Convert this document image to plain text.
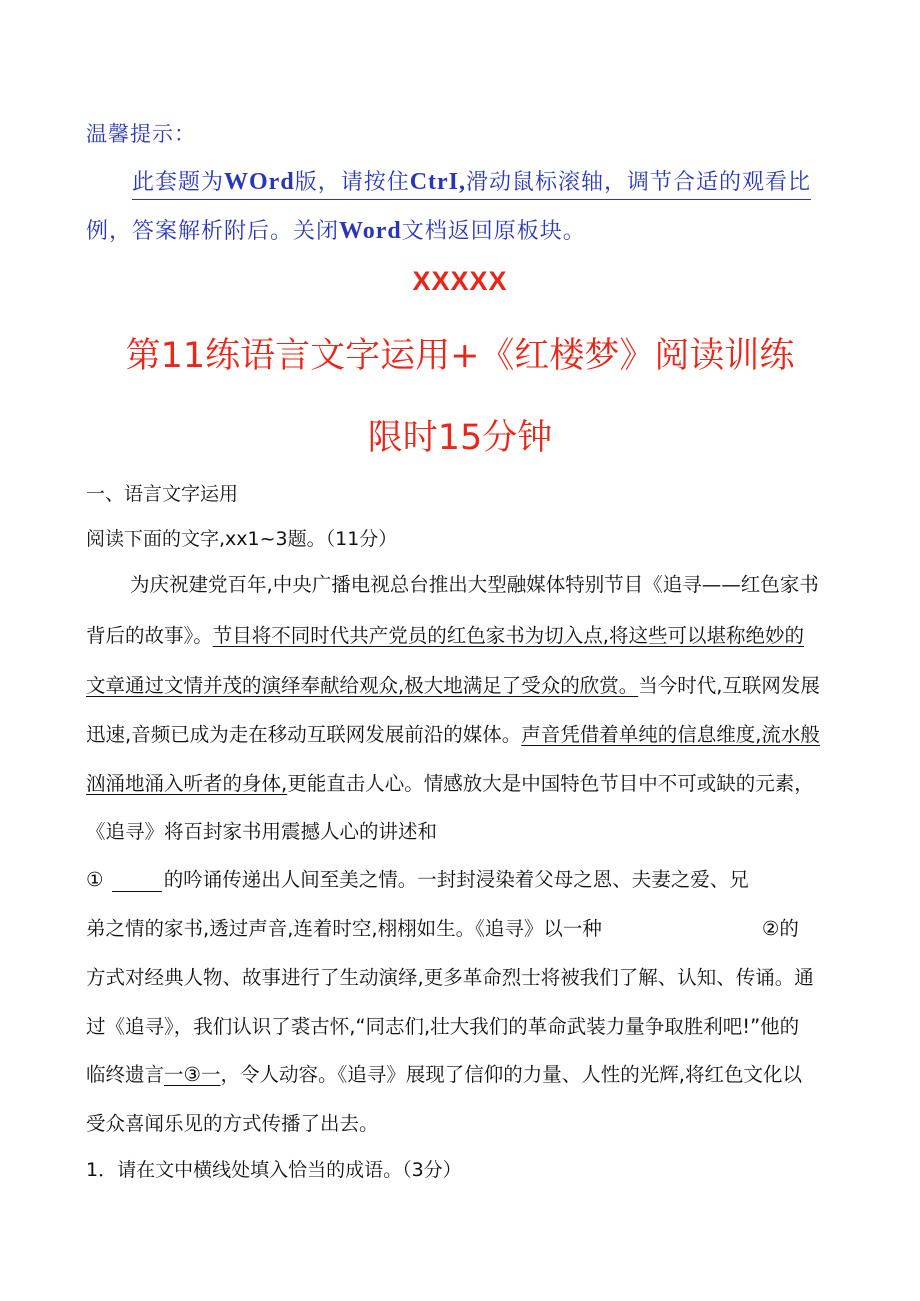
温馨提示：
此套题为WOrd版，请按住CtrI,滑动鼠标滚轴，调节合适的观看比
例，答案解析附后。关闭Word文档返回原板块。
XXXXX
第11练语言文字运用+《红楼梦》阅读训练
限时15分钟
一、语言文字运用
阅读下面的文字,xx1~3题。（11分）
为庆祝建党百年,中央广播电视总台推出大型融媒体特别节目《追寻——红色家书
背后的故事》。节目将不同时代共产党员的红色家书为切入点,将这些可以堪称绝妙的
文章通过文情并茂的演绎奉献给观众,极大地满足了受众的欣赏。当今时代,互联网发展
迅速,音频已成为走在移动互联网发展前沿的媒体。声音凭借着单纯的信息维度,流水般
汹涌地涌入听者的身体,更能直击人心。情感放大是中国特色节目中不可或缺的元素，
《追寻》将百封家书用震撼人心的讲述和
①	的吟诵传递出人间至美之情。一封封浸染着父母之恩、夫妻之爱、兄
弟之情的家书,透过声音,连着时空,栩栩如生。《追寻》以一种	②的
方式对经典人物、故事进行了生动演绎,更多革命烈士将被我们了解、认知、传诵。通
过《追寻》，我们认识了裘古怀,“同志们,壮大我们的革命武装力量争取胜利吧!”他的
临终遗言一③一，令人动容。《追寻》展现了信仰的力量、人性的光辉,将红色文化以
受众喜闻乐见的方式传播了出去。
1．请在文中横线处填入恰当的成语。（3分）
